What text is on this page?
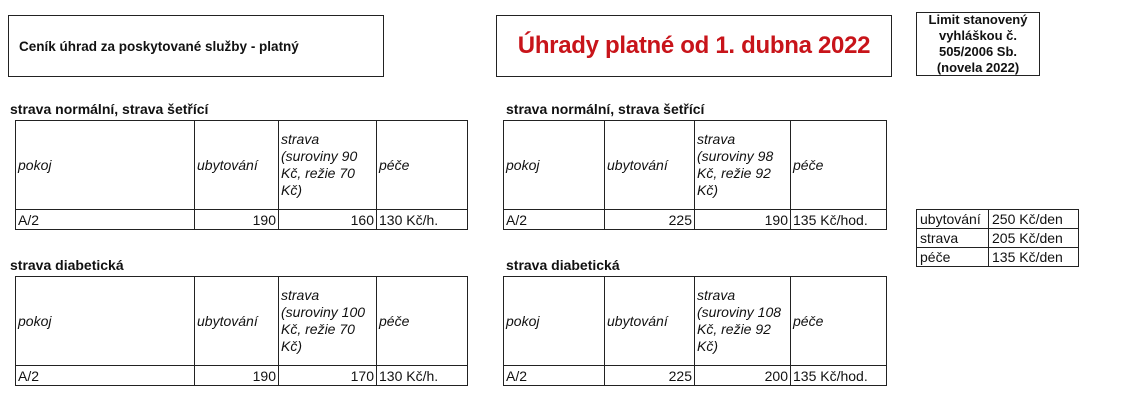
Ceník úhrad za poskytované služby - platný	Úhrady platné od 1. dubna 2022
Limit stanovený vyhláškou č. 505/2006 Sb. (novela 2022)
strava normální, strava šetřící
pokoj	ubytování	strava (suroviny 90 Kč, režie 70 Kč)	péče
A/2	190	160	130 Kč/h.
strava diabetická
pokoj	ubytování	strava (suroviny 100 Kč, režie 70 Kč)	péče
A/2	190	170	130 Kč/h.
strava normální, strava šetřící
pokoj	ubytování	strava (suroviny 98 Kč, režie 92 Kč)	péče
A/2	225	190	135 Kč/hod.
strava diabetická
pokoj	ubytování	strava (suroviny 108 Kč, režie 92 Kč)	péče
A/2	225	200	135 Kč/hod.
ubytování	250 Kč/den
strava	205 Kč/den
péče	135 Kč/den
